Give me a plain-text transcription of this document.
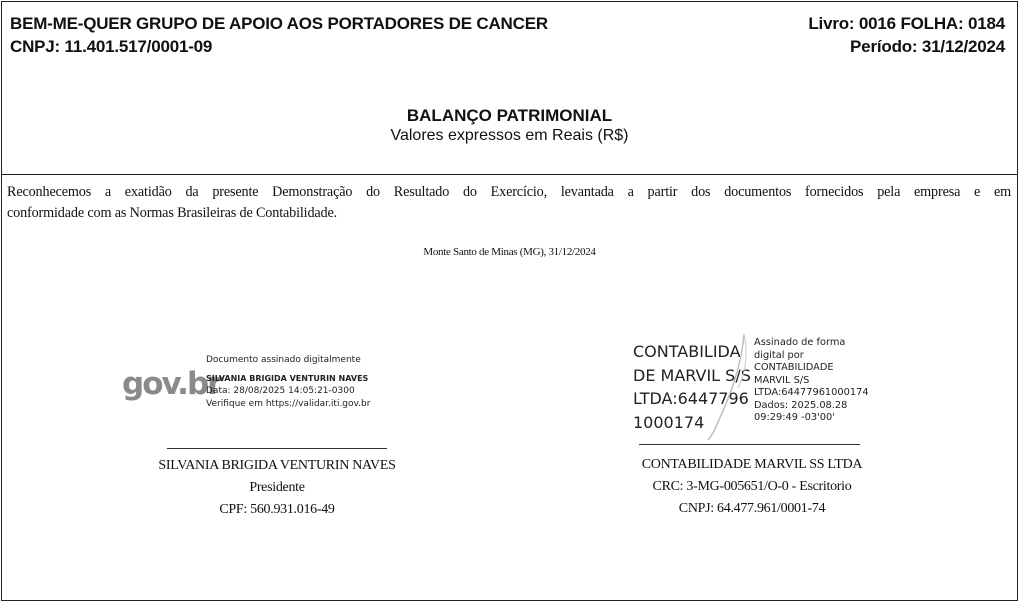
BEM-ME-QUER GRUPO DE APOIO AOS PORTADORES DE CANCER
CNPJ: 11.401.517/0001-09
Livro: 0016 FOLHA: 0184
Período: 31/12/2024
BALANÇO PATRIMONIAL
Valores expressos em Reais (R$)
Reconhecemos a exatidão da presente Demonstração do Resultado do Exercício, levantada a partir dos documentos fornecidos pela empresa e em
conformidade com as Normas Brasileiras de Contabilidade.
Monte Santo de Minas (MG), 31/12/2024
gov.br
Documento assinado digitalmente
SILVANIA BRIGIDA VENTURIN NAVES
Data: 28/08/2025 14:05:21-0300
Verifique em https://validar.iti.gov.br
CONTABILIDA
DE MARVIL S/S
LTDA:6447796
1000174
Assinado de forma
digital por
CONTABILIDADE
MARVIL S/S
LTDA:64477961000174
Dados: 2025.08.28
09:29:49 -03'00'
SILVANIA BRIGIDA VENTURIN NAVES
Presidente
CPF: 560.931.016-49
CONTABILIDADE MARVIL SS LTDA
CRC: 3-MG-005651/O-0 - Escritorio
CNPJ: 64.477.961/0001-74
